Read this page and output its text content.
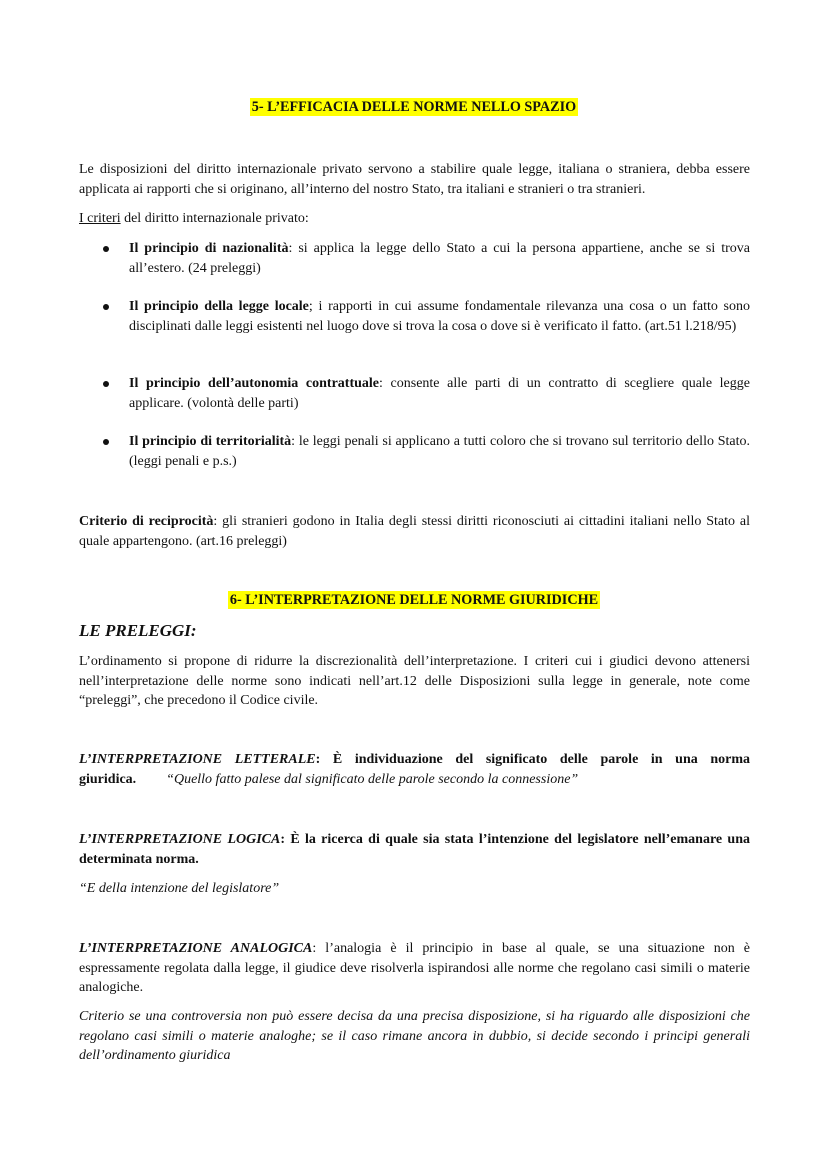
5- L’EFFICACIA DELLE NORME NELLO SPAZIO
Le disposizioni del diritto internazionale privato servono a stabilire quale legge, italiana o straniera, debba essere applicata ai rapporti che si originano, all’interno del nostro Stato, tra italiani e stranieri o tra stranieri.
I criteri del diritto internazionale privato:
Il principio di nazionalità: si applica la legge dello Stato a cui la persona appartiene, anche se si trova all’estero. (24 preleggi)
Il principio della legge locale; i rapporti in cui assume fondamentale rilevanza una cosa o un fatto sono disciplinati dalle leggi esistenti nel luogo dove si trova la cosa o dove si è verificato il fatto. (art.51 l.218/95)
Il principio dell’autonomia contrattuale: consente alle parti di un contratto di scegliere quale legge applicare. (volontà delle parti)
Il principio di territorialità: le leggi penali si applicano a tutti coloro che si trovano sul territorio dello Stato. (leggi penali e p.s.)
Criterio di reciprocità: gli stranieri godono in Italia degli stessi diritti riconosciuti ai cittadini italiani nello Stato al quale appartengono. (art.16 preleggi)
6- L’INTERPRETAZIONE DELLE NORME GIURIDICHE
LE PRELEGGI:
L’ordinamento si propone di ridurre la discrezionalità dell’interpretazione. I criteri cui i giudici devono attenersi nell’interpretazione delle norme sono indicati nell’art.12 delle Disposizioni sulla legge in generale, note come “preleggi”, che precedono il Codice civile.
L’INTERPRETAZIONE LETTERALE: È individuazione del significato delle parole in una norma giuridica. “Quello fatto palese dal significato delle parole secondo la connessione”
L’INTERPRETAZIONE LOGICA: È la ricerca di quale sia stata l’intenzione del legislatore nell’emanare una determinata norma.
“E della intenzione del legislatore”
L’INTERPRETAZIONE ANALOGICA: l’analogia è il principio in base al quale, se una situazione non è espressamente regolata dalla legge, il giudice deve risolverla ispirandosi alle norme che regolano casi simili o materie analogiche.
Criterio se una controversia non può essere decisa da una precisa disposizione, si ha riguardo alle disposizioni che regolano casi simili o materie analoghe; se il caso rimane ancora in dubbio, si decide secondo i principi generali dell’ordinamento giuridica
